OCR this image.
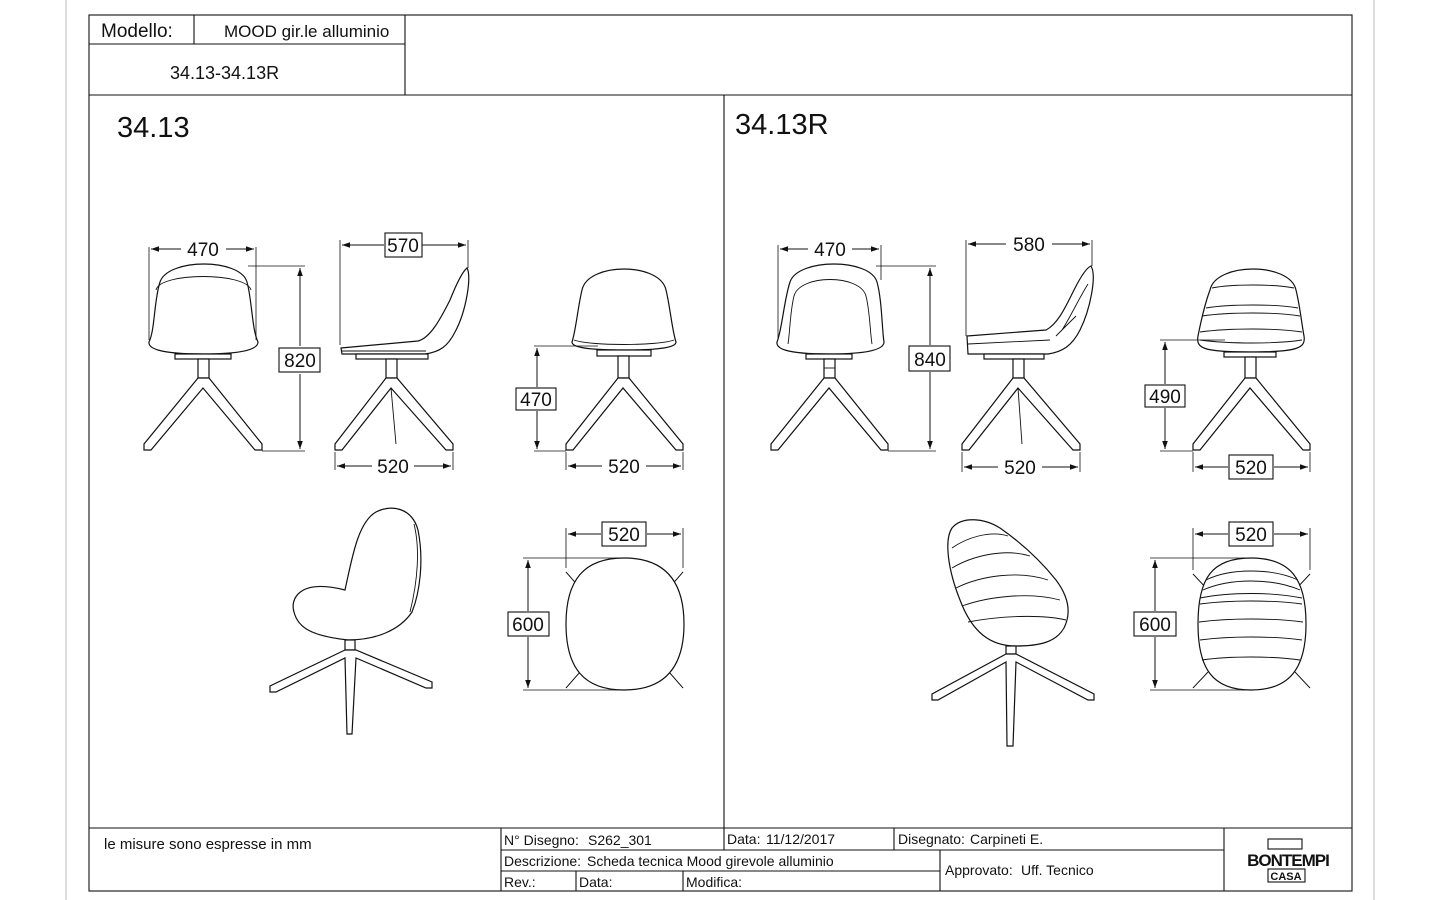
Modello:	MOOD gir.le alluminio
34.13-34.13R
34.13	34.13R
470
820
570
520
470
520
520
600
470
840
580
520
490
520
520
600
le misure sono espresse in mm	N° Disegno: S262_301	Data: 11/12/2017	Disegnato: Carpineti E.
Descrizione: Scheda tecnica Mood girevole alluminio
Approvato: Uff. Tecnico
Rev.:	Data:	Modifica:
BONTEMPI
CASA
